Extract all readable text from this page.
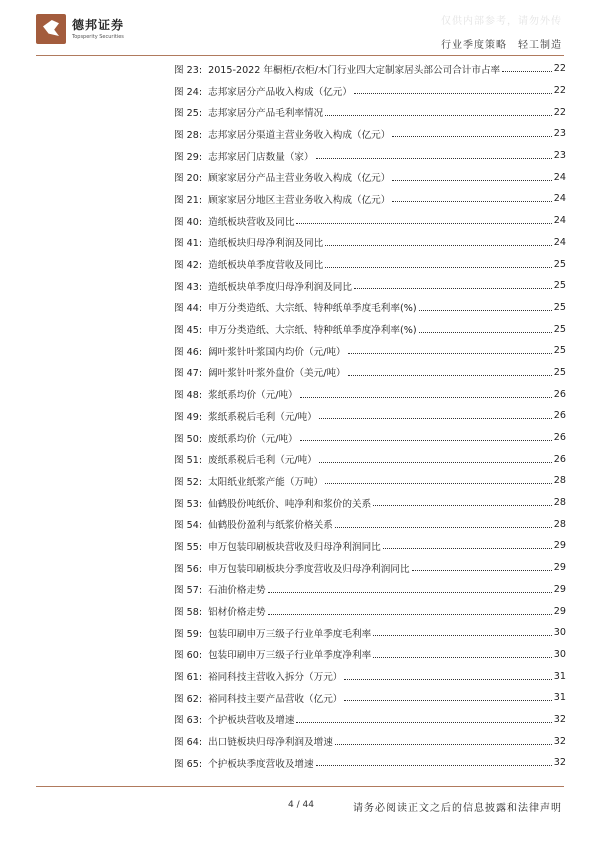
德邦证券
Topsperity Securities
仅供内部参考，请勿外传
行业季度策略　轻工制造
图 23: 2015-2022 年橱柜/衣柜/木门行业四大定制家居头部公司合计市占率	22
图 24: 志邦家居分产品收入构成（亿元）	22
图 25: 志邦家居分产品毛利率情况	22
图 28: 志邦家居分渠道主营业务收入构成（亿元）	23
图 29: 志邦家居门店数量（家）	23
图 20: 顾家家居分产品主营业务收入构成（亿元）	24
图 21: 顾家家居分地区主营业务收入构成（亿元）	24
图 40: 造纸板块营收及同比	24
图 41: 造纸板块归母净利润及同比	24
图 42: 造纸板块单季度营收及同比	25
图 43: 造纸板块单季度归母净利润及同比	25
图 44: 申万分类造纸、大宗纸、特种纸单季度毛利率(%)	25
图 45: 申万分类造纸、大宗纸、特种纸单季度净利率(%)	25
图 46: 阔叶浆针叶浆国内均价（元/吨）	25
图 47: 阔叶浆针叶浆外盘价（美元/吨）	25
图 48: 浆纸系均价（元/吨）	26
图 49: 浆纸系税后毛利（元/吨）	26
图 50: 废纸系均价（元/吨）	26
图 51: 废纸系税后毛利（元/吨）	26
图 52: 太阳纸业纸浆产能（万吨）	28
图 53: 仙鹤股份吨纸价、吨净利和浆价的关系	28
图 54: 仙鹤股份盈利与纸浆价格关系	28
图 55: 申万包装印刷板块营收及归母净利润同比	29
图 56: 申万包装印刷板块分季度营收及归母净利润同比	29
图 57: 石油价格走势	29
图 58: 铝材价格走势	29
图 59: 包装印刷申万三级子行业单季度毛利率	30
图 60: 包装印刷申万三级子行业单季度净利率	30
图 61: 裕同科技主营收入拆分（万元）	31
图 62: 裕同科技主要产品营收（亿元）	31
图 63: 个护板块营收及增速	32
图 64: 出口链板块归母净利润及增速	32
图 65: 个护板块季度营收及增速	32
4 / 44	请务必阅读正文之后的信息披露和法律声明
